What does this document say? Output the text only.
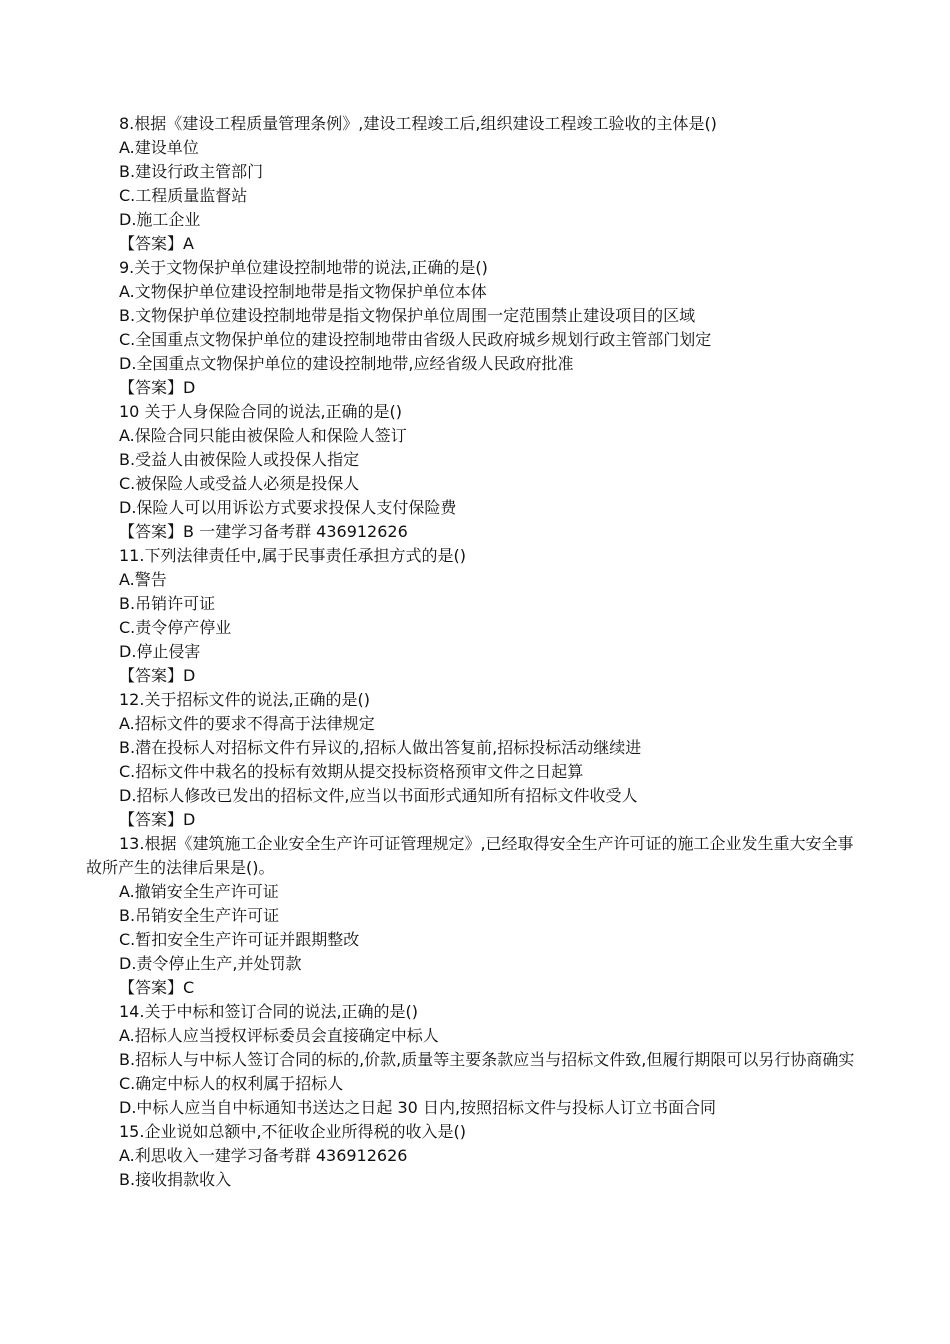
8.根据《建设工程质量管理条例》,建设工程竣工后,组织建设工程竣工验收的主体是()

A.建设单位

B.建设行政主管部门

C.工程质量监督站

D.施工企业

【答案】A

9.关于文物保护单位建设控制地带的说法,正确的是()

A.文物保护单位建设控制地带是指文物保护单位本体

B.文物保护单位建设控制地带是指文物保护单位周围一定范围禁止建设项目的区域

C.全国重点文物保护单位的建设控制地带由省级人民政府城乡规划行政主管部门划定

D.全国重点文物保护单位的建设控制地带,应经省级人民政府批准

【答案】D

10 关于人身保险合同的说法,正确的是()

A.保险合同只能由被保险人和保险人签订

B.受益人由被保险人或投保人指定

C.被保险人或受益人必须是投保人

D.保险人可以用诉讼方式要求投保人支付保险费

【答案】B 一建学习备考群 436912626

11.下列法律责任中,属于民事责任承担方式的是()

A.警告

B.吊销许可证

C.责令停产停业

D.停止侵害

【答案】D

12.关于招标文件的说法,正确的是()

A.招标文件的要求不得高于法律规定

B.潜在投标人对招标文件冇异议的,招标人做出答复前,招标投标活动继续进

C.招标文件中栽名的投标有效期从提交投标资格预审文件之日起算

D.招标人修改已发出的招标文件,应当以书面形式通知所有招标文件收受人

【答案】D

13.根据《建筑施工企业安全生产许可证管理规定》,已经取得安全生产许可证的施工企业发生重大安全事故所产生的法律后果是()。

A.撤销安全生产许可证

B.吊销安全生产许可证

C.暂扣安全生产许可证并跟期整改

D.责令停止生产,并处罚款

【答案】C

14.关于中标和签订合同的说法,正确的是()

A.招标人应当授权评标委员会直接确定中标人

B.招标人与中标人签订合同的标的,价款,质量等主要条款应当与招标文件致,但履行期限可以另行协商确实

C.确定中标人的权利属于招标人

D.中标人应当自中标通知书送达之日起 30 日内,按照招标文件与投标人订立书面合同

15.企业说如总额中,不征收企业所得税的收入是()

A.利思收入一建学习备考群 436912626

B.接收捐款收入
